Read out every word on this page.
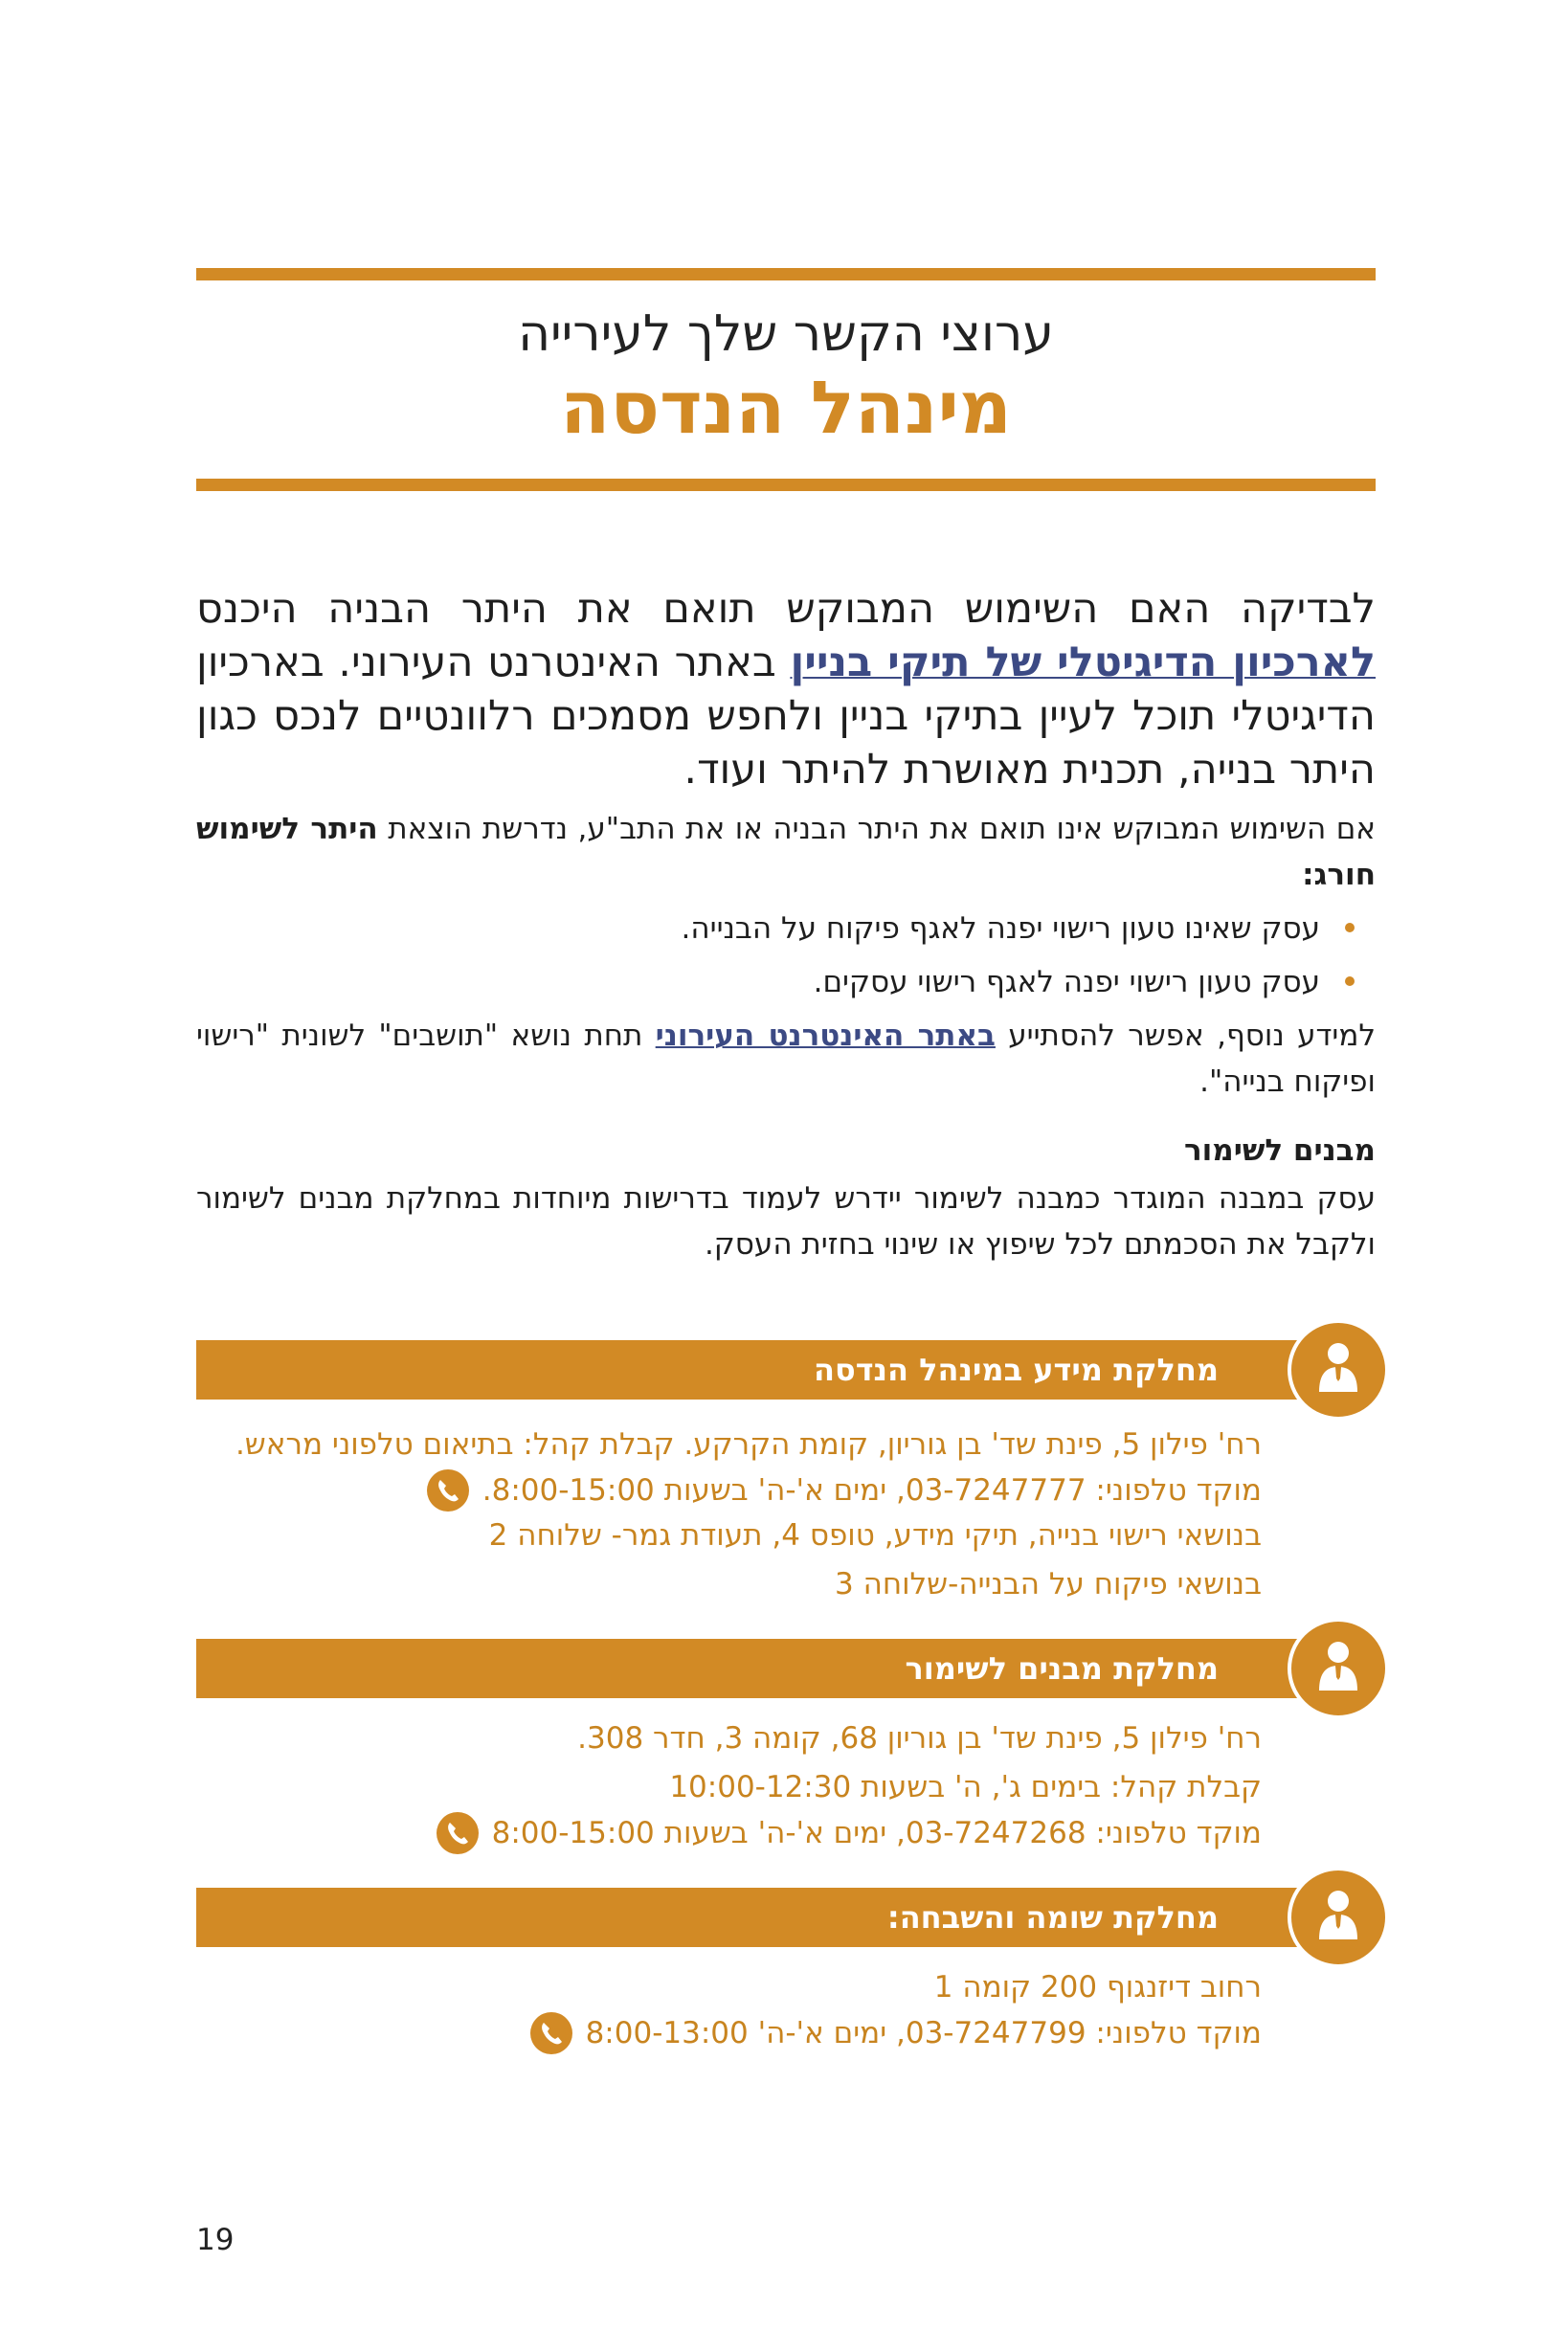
ערוצי הקשר שלך לעירייה
מינהל הנדסה
לבדיקה האם השימוש המבוקש תואם את היתר הבניה היכנס לארכיון הדיגיטלי של תיקי בניין באתר האינטרנט העירוני. בארכיון הדיגיטלי תוכל לעיין בתיקי בניין ולחפש מסמכים רלוונטיים לנכס כגון היתר בנייה, תכנית מאושרת להיתר ועוד.
אם השימוש המבוקש אינו תואם את היתר הבניה או את התב"ע, נדרשת הוצאת היתר לשימוש חורג:
עסק שאינו טעון רישוי יפנה לאגף פיקוח על הבנייה.
עסק טעון רישוי יפנה לאגף רישוי עסקים.
למידע נוסף, אפשר להסתייע באתר האינטרנט העירוני תחת נושא "תושבים" לשונית "רישוי ופיקוח בנייה".
מבנים לשימור
עסק במבנה המוגדר כמבנה לשימור יידרש לעמוד בדרישות מיוחדות במחלקת מבנים לשימור ולקבל את הסכמתם לכל שיפוץ או שינוי בחזית העסק.
מחלקת מידע במינהל הנדסה
רח' פילון 5, פינת שד' בן גוריון, קומת הקרקע. קבלת קהל: בתיאום טלפוני מראש.
מוקד טלפוני: 03-7247777, ימים א'-ה' בשעות 8:00-15:00.
בנושאי רישוי בנייה, תיקי מידע, טופס 4, תעודת גמר- שלוחה 2
בנושאי פיקוח על הבנייה-שלוחה 3
מחלקת מבנים לשימור
רח' פילון 5, פינת שד' בן גוריון 68, קומה 3, חדר 308.
קבלת קהל: בימים ג', ה' בשעות 10:00-12:30
מוקד טלפוני: 03-7247268, ימים א'-ה' בשעות 8:00-15:00
מחלקת שומה והשבחה:
רחוב דיזנגוף 200 קומה 1
מוקד טלפוני: 03-7247799, ימים א'-ה' 8:00-13:00
19
